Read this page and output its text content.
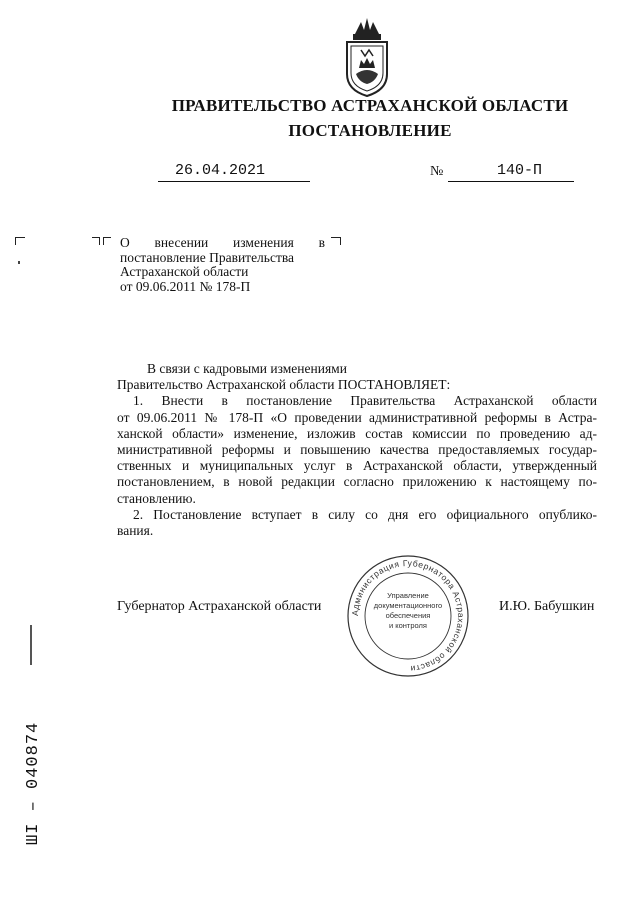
ПРАВИТЕЛЬСТВО АСТРАХАНСКОЙ ОБЛАСТИ
ПОСТАНОВЛЕНИЕ
26.04.2021	№	140-П
О внесении изменения в
постановление Правительства
Астраханской области
от 09.06.2011 № 178-П
В связи с кадровыми изменениями
Правительство Астраханской области ПОСТАНОВЛЯЕТ:
1. Внести в постановление Правительства Астраханской области
от 09.06.2011 № 178-П «О проведении административной реформы в Астра-
ханской области» изменение, изложив состав комиссии по проведению ад-
министративной реформы и повышению качества предоставляемых государ-
ственных и муниципальных услуг в Астраханской области, утвержденный
постановлением, в новой редакции согласно приложению к настоящему по-
становлению.
2. Постановление вступает в силу со дня его официального опублико-
вания.
Губернатор Астраханской области	И.Ю. Бабушкин
Администрация Губернатора Астраханской области
Управление
документационного
обеспечения
и контроля
ШI – 040874
